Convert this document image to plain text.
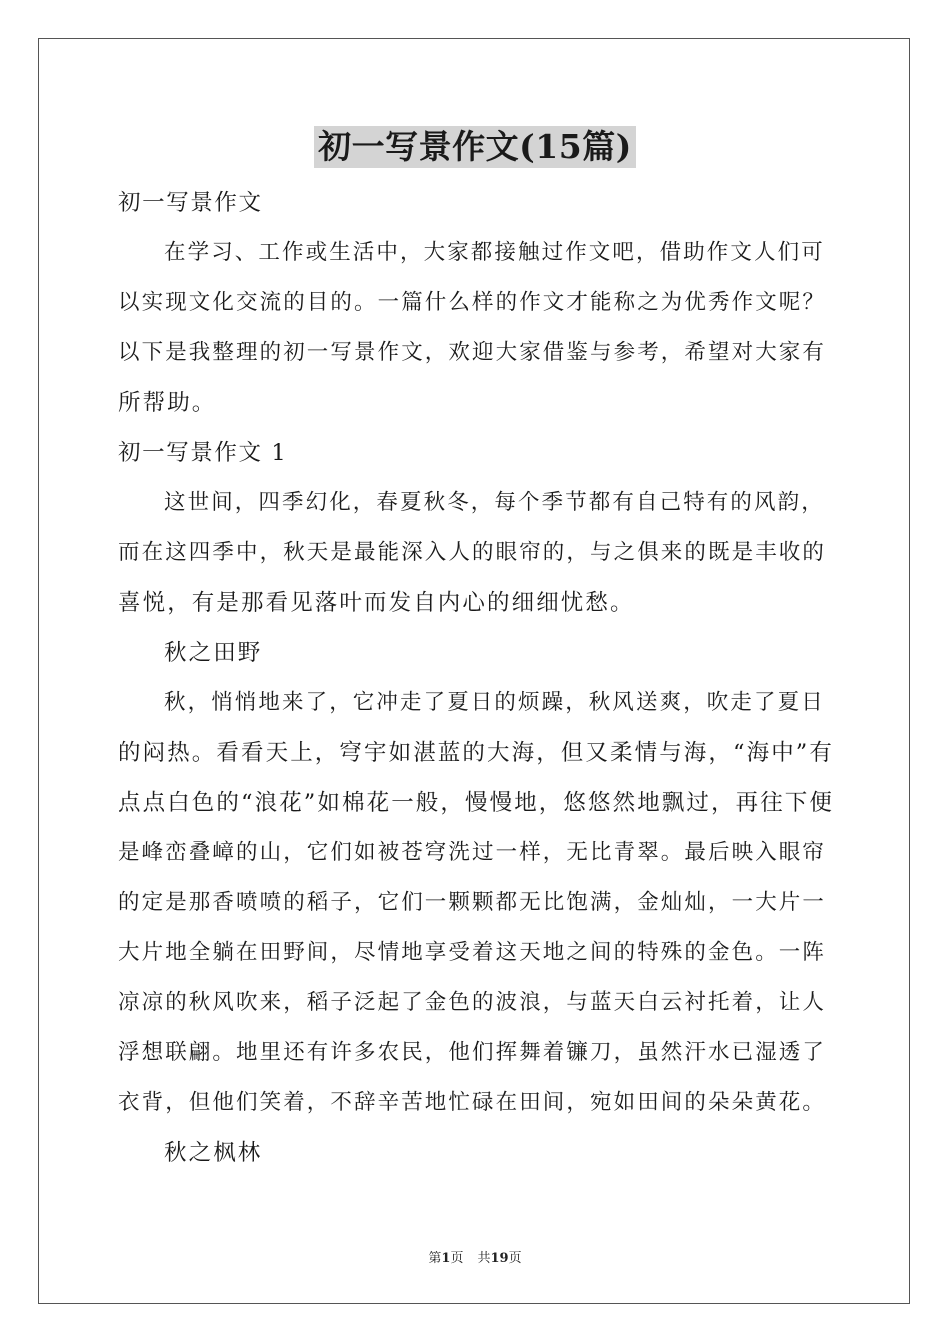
初一写景作文(15篇)
初一写景作文
在学习、工作或生活中，大家都接触过作文吧，借助作文人们可
以实现文化交流的目的。一篇什么样的作文才能称之为优秀作文呢？
以下是我整理的初一写景作文，欢迎大家借鉴与参考，希望对大家有
所帮助。
初一写景作文 1
这世间，四季幻化，春夏秋冬，每个季节都有自己特有的风韵，
而在这四季中，秋天是最能深入人的眼帘的，与之俱来的既是丰收的
喜悦，有是那看见落叶而发自内心的细细忧愁。
秋之田野
秋，悄悄地来了，它冲走了夏日的烦躁，秋风送爽，吹走了夏日
的闷热。看看天上，穹宇如湛蓝的大海，但又柔情与海，“海中”有
点点白色的“浪花”如棉花一般，慢慢地，悠悠然地飘过，再往下便
是峰峦叠嶂的山，它们如被苍穹洗过一样，无比青翠。最后映入眼帘
的定是那香喷喷的稻子，它们一颗颗都无比饱满，金灿灿，一大片一
大片地全躺在田野间，尽情地享受着这天地之间的特殊的金色。一阵
凉凉的秋风吹来，稻子泛起了金色的波浪，与蓝天白云衬托着，让人
浮想联翩。地里还有许多农民，他们挥舞着镰刀，虽然汗水已湿透了
衣背，但他们笑着，不辞辛苦地忙碌在田间，宛如田间的朵朵黄花。
秋之枫林
第1页 共19页
